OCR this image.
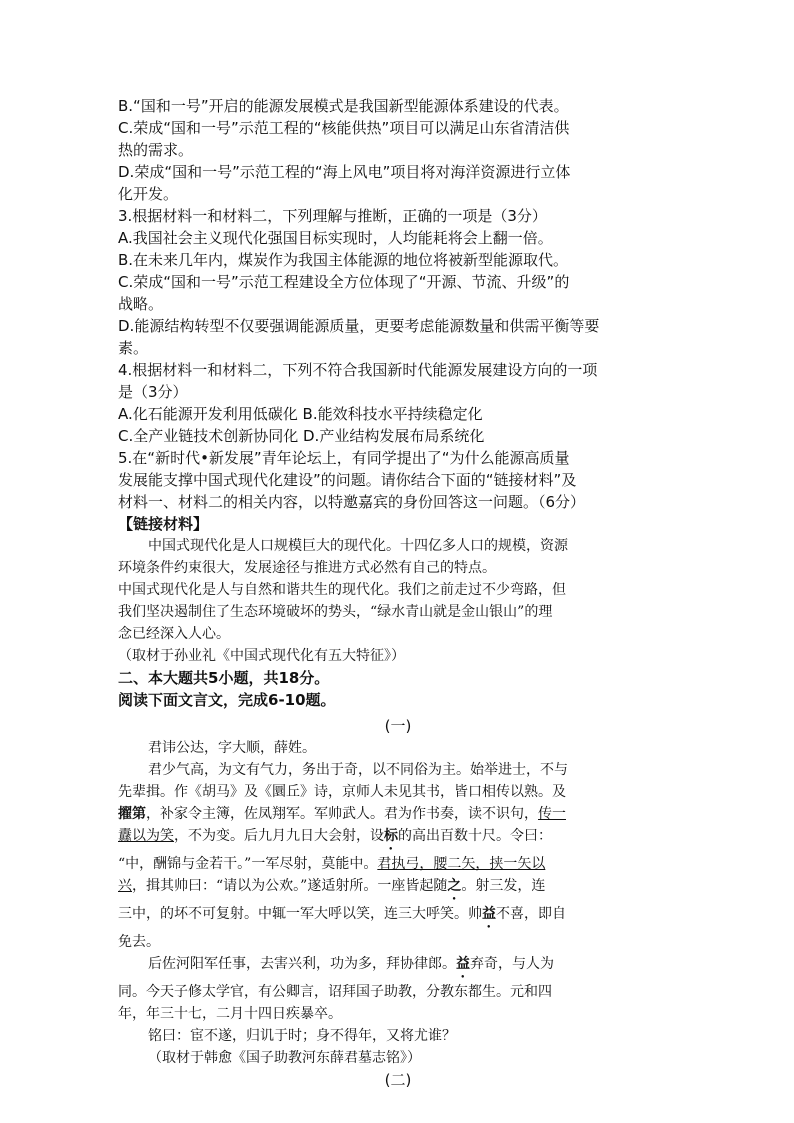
B.“国和一号”开启的能源发展模式是我国新型能源体系建设的代表。
C.荣成“国和一号”示范工程的“核能供热”项目可以满足山东省清洁供
热的需求。
D.荣成“国和一号”示范工程的“海上风电”项目将对海洋资源进行立体
化开发。
3.根据材料一和材料二，下列理解与推断，正确的一项是（3分）
A.我国社会主义现代化强国目标实现时，人均能耗将会上翻一倍。
B.在未来几年内，煤炭作为我国主体能源的地位将被新型能源取代。
C.荣成“国和一号”示范工程建设全方位体现了“开源、节流、升级”的
战略。
D.能源结构转型不仅要强调能源质量，更要考虑能源数量和供需平衡等要
素。
4.根据材料一和材料二，下列不符合我国新时代能源发展建设方向的一项
是（3分）
A.化石能源开发利用低碳化 B.能效科技水平持续稳定化
C.全产业链技术创新协同化 D.产业结构发展布局系统化
5.在“新时代•新发展”青年论坛上，有同学提出了“为什么能源高质量
发展能支撑中国式现代化建设”的问题。请你结合下面的“链接材料”及
材料一、材料二的相关内容，以特邀嘉宾的身份回答这一问题。（6分）
【链接材料】
中国式现代化是人口规模巨大的现代化。十四亿多人口的规模，资源
环境条件约束很大，发展途径与推进方式必然有自己的特点。
中国式现代化是人与自然和谐共生的现代化。我们之前走过不少弯路，但
我们坚决遏制住了生态环境破坏的势头，“绿水青山就是金山银山”的理
念已经深入人心。
（取材于孙业礼《中国式现代化有五大特征》）
二、本大题共5小题，共18分。
阅读下面文言文，完成6-10题。
(一)
君讳公达，字大顺，薛姓。
君少气高，为文有气力，务出于奇，以不同俗为主。始举进士，不与
先辈揖。作《胡马》及《圜丘》诗，京师人未见其书，皆口相传以熟。及
擢第，补家令主簿，佐凤翔军。军帅武人。君为作书奏，读不识句，传一
纛以为笑，不为变。后九月九日大会射，设标的高出百数十尺。令曰：
“中，酬锦与金若干。”一军尽射，莫能中。君执弓，腰二矢，挟一矢以
兴，揖其帅曰：“请以为公欢。”遂适射所。一座皆起随之。射三发，连
三中，的坏不可复射。中辄一军大呼以笑，连三大呼笑。帅益不喜，即自
免去。
后佐河阳军任事，去害兴利，功为多，拜协律郎。益弃奇，与人为
同。今天子修太学官，有公卿言，诏拜国子助教，分教东都生。元和四
年，年三十七，二月十四日疾暴卒。
铭曰：宦不遂，归讥于时；身不得年，又将尤谁？
（取材于韩愈《国子助教河东薛君墓志铭》）
(二)
